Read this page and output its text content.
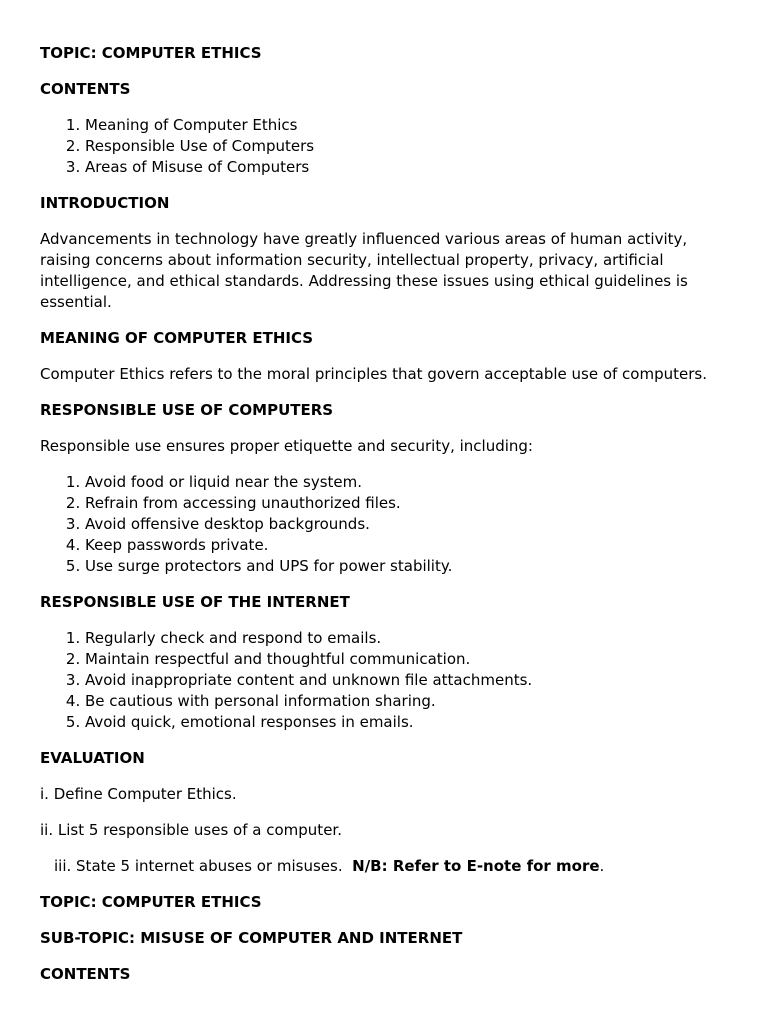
TOPIC: COMPUTER ETHICS
CONTENTS
1. Meaning of Computer Ethics
2. Responsible Use of Computers
3. Areas of Misuse of Computers
INTRODUCTION

Advancements in technology have greatly influenced various areas of human activity, raising concerns about information security, intellectual property, privacy, artificial intelligence, and ethical standards. Addressing these issues using ethical guidelines is essential.

MEANING OF COMPUTER ETHICS

Computer Ethics refers to the moral principles that govern acceptable use of computers.

RESPONSIBLE USE OF COMPUTERS

Responsible use ensures proper etiquette and security, including:

1. Avoid food or liquid near the system.
2. Refrain from accessing unauthorized files.
3. Avoid offensive desktop backgrounds.
4. Keep passwords private.
5. Use surge protectors and UPS for power stability.
RESPONSIBLE USE OF THE INTERNET
1. Regularly check and respond to emails.
2. Maintain respectful and thoughtful communication.
3. Avoid inappropriate content and unknown file attachments.
4. Be cautious with personal information sharing.
5. Avoid quick, emotional responses in emails.
EVALUATION

i. Define Computer Ethics.

ii. List 5 responsible uses of a computer.

iii. State 5 internet abuses or misuses. N/B: Refer to E-note for more.

TOPIC: COMPUTER ETHICS
SUB-TOPIC: MISUSE OF COMPUTER AND INTERNET
CONTENTS
